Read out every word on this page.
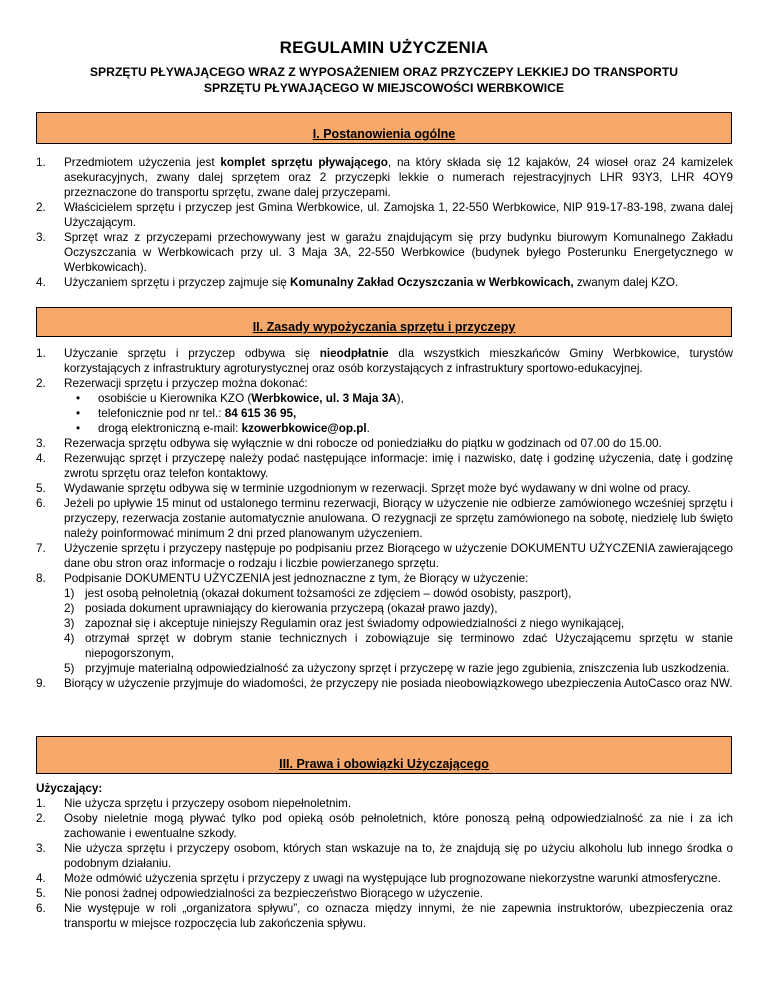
REGULAMIN UŻYCZENIA
SPRZĘTU PŁYWAJĄCEGO WRAZ Z WYPOSAŻENIEM ORAZ PRZYCZEPY LEKKIEJ DO TRANSPORTU SPRZĘTU PŁYWAJĄCEGO W MIEJSCOWOŚCI WERBKOWICE
I. Postanowienia ogólne
1. Przedmiotem użyczenia jest komplet sprzętu pływającego, na który składa się 12 kajaków, 24 wioseł oraz 24 kamizelek asekuracyjnych, zwany dalej sprzętem oraz 2 przyczepki lekkie o numerach rejestracyjnych LHR 93Y3, LHR 4OY9 przeznaczone do transportu sprzętu, zwane dalej przyczepami.
2. Właścicielem sprzętu i przyczep jest Gmina Werbkowice, ul. Zamojska 1, 22-550 Werbkowice, NIP 919-17-83-198, zwana dalej Użyczającym.
3. Sprzęt wraz z przyczepami przechowywany jest w garażu znajdującym się przy budynku biurowym Komunalnego Zakładu Oczyszczania w Werbkowicach przy ul. 3 Maja 3A, 22-550 Werbkowice (budynek byłego Posterunku Energetycznego w Werbkowicach).
4. Użyczaniem sprzętu i przyczep zajmuje się Komunalny Zakład Oczyszczania w Werbkowicach, zwanym dalej KZO.
II. Zasady wypożyczania sprzętu i przyczepy
1. Użyczanie sprzętu i przyczep odbywa się nieodpłatnie dla wszystkich mieszkańców Gminy Werbkowice, turystów korzystających z infrastruktury agroturystycznej oraz osób korzystających z infrastruktury sportowo-edukacyjnej.
2. Rezerwacji sprzętu i przyczep można dokonać:
• osobiście u Kierownika KZO (Werbkowice, ul. 3 Maja 3A),
• telefonicznie pod nr tel.: 84 615 36 95,
• drogą elektroniczną e-mail: kzowerbkowice@op.pl.
3. Rezerwacja sprzętu odbywa się wyłącznie w dni robocze od poniedziałku do piątku w godzinach od 07.00 do 15.00.
4. Rezerwując sprzęt i przyczepę należy podać następujące informacje: imię i nazwisko, datę i godzinę użyczenia, datę i godzinę zwrotu sprzętu oraz telefon kontaktowy.
5. Wydawanie sprzętu odbywa się w terminie uzgodnionym w rezerwacji. Sprzęt może być wydawany w dni wolne od pracy.
6. Jeżeli po upływie 15 minut od ustalonego terminu rezerwacji, Biorący w użyczenie nie odbierze zamówionego wcześniej sprzętu i przyczepy, rezerwacja zostanie automatycznie anulowana. O rezygnacji ze sprzętu zamówionego na sobotę, niedzielę lub święto należy poinformować minimum 2 dni przed planowanym użyczeniem.
7. Użyczenie sprzętu i przyczepy następuje po podpisaniu przez Biorącego w użyczenie DOKUMENTU UŻYCZENIA zawierającego dane obu stron oraz informacje o rodzaju i liczbie powierzanego sprzętu.
8. Podpisanie DOKUMENTU UŻYCZENIA jest jednoznaczne z tym, że Biorący w użyczenie:
1) jest osobą pełnoletnią (okazał dokument tożsamości ze zdjęciem – dowód osobisty, paszport),
2) posiada dokument uprawniający do kierowania przyczepą (okazał prawo jazdy),
3) zapoznał się i akceptuje niniejszy Regulamin oraz jest świadomy odpowiedzialności z niego wynikającej,
4) otrzymał sprzęt w dobrym stanie technicznych i zobowiązuje się terminowo zdać Użyczającemu sprzętu w stanie niepogorszonym,
5) przyjmuje materialną odpowiedzialność za użyczony sprzęt i przyczepę w razie jego zgubienia, zniszczenia lub uszkodzenia.
9. Biorący w użyczenie przyjmuje do wiadomości, że przyczepy nie posiada nieobowiązkowego ubezpieczenia AutoCasco oraz NW.
III. Prawa i obowiązki Użyczającego
Użyczający:
1. Nie użycza sprzętu i przyczepy osobom niepełnoletnim.
2. Osoby nieletnie mogą pływać tylko pod opieką osób pełnoletnich, które ponoszą pełną odpowiedzialność za nie i za ich zachowanie i ewentualne szkody.
3. Nie użycza sprzętu i przyczepy osobom, których stan wskazuje na to, że znajdują się po użyciu alkoholu lub innego środka o podobnym działaniu.
4. Może odmówić użyczenia sprzętu i przyczepy z uwagi na występujące lub prognozowane niekorzystne warunki atmosferyczne.
5. Nie ponosi żadnej odpowiedzialności za bezpieczeństwo Biorącego w użyczenie.
6. Nie występuje w roli „organizatora spływu”, co oznacza między innymi, że nie zapewnia instruktorów, ubezpieczenia oraz transportu w miejsce rozpoczęcia lub zakończenia spływu.
